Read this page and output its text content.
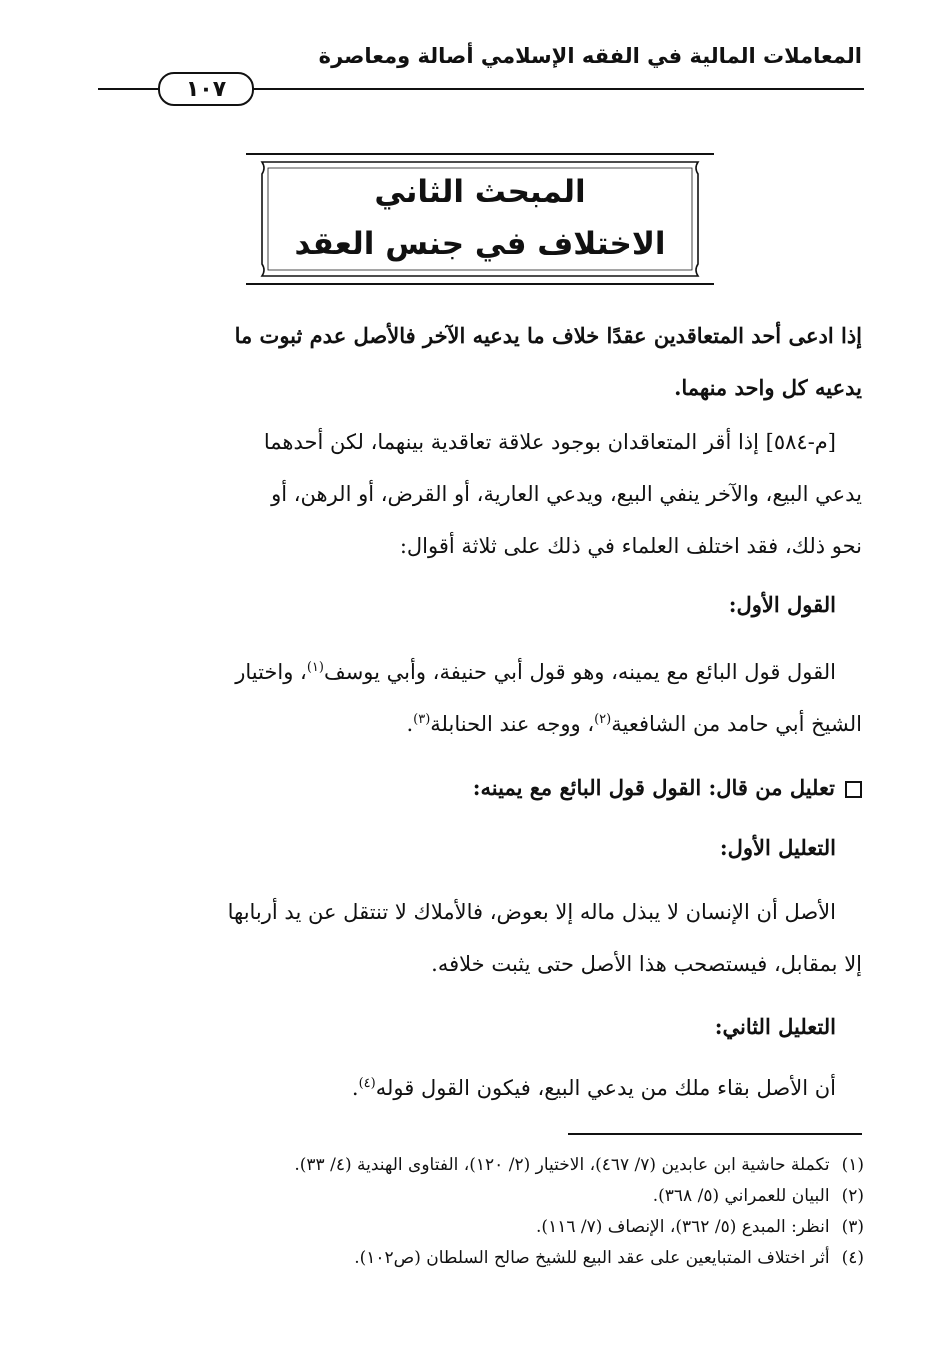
المعاملات المالية في الفقه الإسلامي أصالة ومعاصرة
١٠٧
المبحث الثاني
الاختلاف في جنس العقد
إذا ادعى أحد المتعاقدين عقدًا خلاف ما يدعيه الآخر فالأصل عدم ثبوت ما
يدعيه كل واحد منهما.
[م-٥٨٤] إذا أقر المتعاقدان بوجود علاقة تعاقدية بينهما، لكن أحدهما
يدعي البيع، والآخر ينفي البيع، ويدعي العارية، أو القرض، أو الرهن، أو
نحو ذلك، فقد اختلف العلماء في ذلك على ثلاثة أقوال:
القول الأول:
القول قول البائع مع يمينه، وهو قول أبي حنيفة، وأبي يوسف$^{(١)}$، واختيار
الشيخ أبي حامد من الشافعية$^{(٢)}$، ووجه عند الحنابلة$^{(٣)}$.
تعليل من قال: القول قول البائع مع يمينه:
التعليل الأول:
الأصل أن الإنسان لا يبذل ماله إلا بعوض، فالأملاك لا تنتقل عن يد أربابها
إلا بمقابل، فيستصحب هذا الأصل حتى يثبت خلافه.
التعليل الثاني:
أن الأصل بقاء ملك من يدعي البيع، فيكون القول قوله$^{(٤)}$.
(١)تكملة حاشية ابن عابدين (٧/ ٤٦٧)، الاختيار (٢/ ١٢٠)، الفتاوى الهندية (٤/ ٣٣).
(٢)البيان للعمراني (٥/ ٣٦٨).
(٣)انظر: المبدع (٥/ ٣٦٢)، الإنصاف (٧/ ١١٦).
(٤)أثر اختلاف المتبايعين على عقد البيع للشيخ صالح السلطان (ص١٠٢).
